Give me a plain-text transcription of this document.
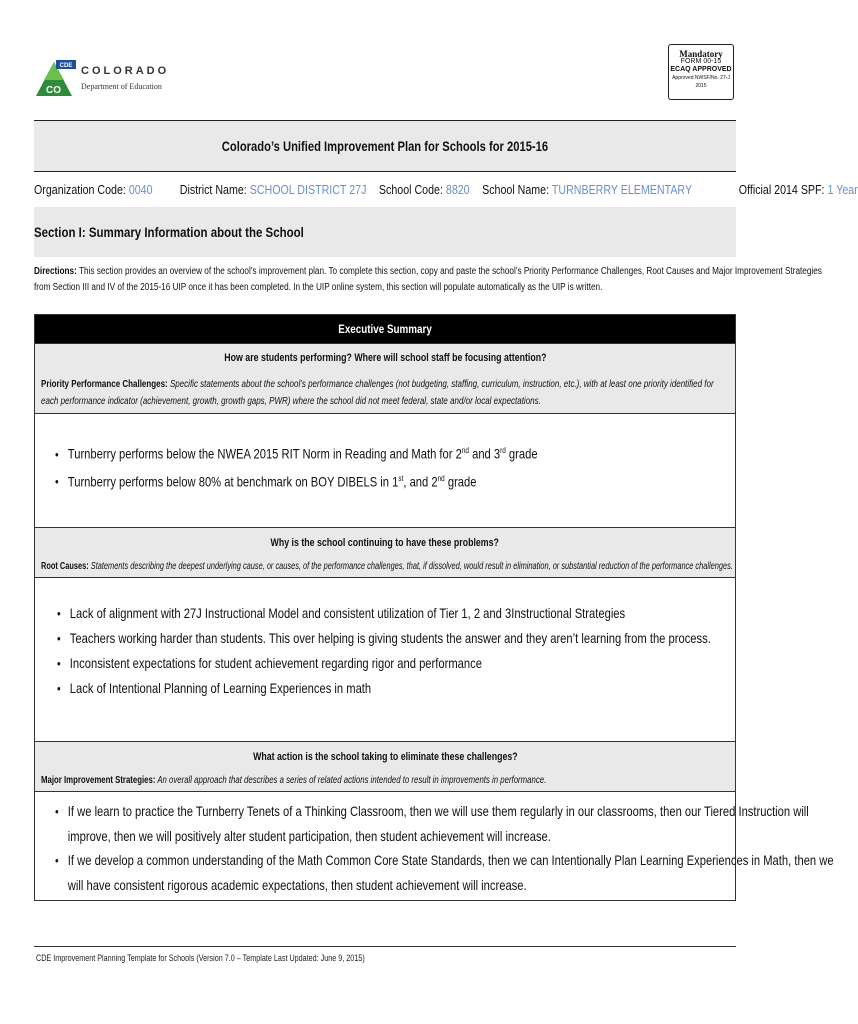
CDE
CO
COLORADO
Department of Education
Mandatory
FORM 00-15
ECAQ APPROVED
Approved NWSF/No. 27-J 2015
Colorado’s Unified Improvement Plan for Schools for 2015-16
Organization Code: 0040 District Name: SCHOOL DISTRICT 27J School Code: 8820 School Name: TURNBERRY ELEMENTARY	Official 2014 SPF: 1 Year
Section I: Summary Information about the School
Directions: This section provides an overview of the school’s improvement plan. To complete this section, copy and paste the school’s Priority Performance Challenges, Root Causes and Major Improvement Strategies
from Section III and IV of the 2015-16 UIP once it has been completed. In the UIP online system, this section will populate automatically as the UIP is written.
Executive Summary
How are students performing? Where will school staff be focusing attention?
Priority Performance Challenges: Specific statements about the school’s performance challenges (not budgeting, staffing, curriculum, instruction, etc.), with at least one priority identified for each performance indicator (achievement, growth, growth gaps, PWR) where the school did not meet federal, state and/or local expectations.
• Turnberry performs below the NWEA 2015 RIT Norm in Reading and Math for 2nd and 3rd grade
• Turnberry performs below 80% at benchmark on BOY DIBELS in 1st, and 2nd grade
Why is the school continuing to have these problems?
Root Causes: Statements describing the deepest underlying cause, or causes, of the performance challenges, that, if dissolved, would result in elimination, or substantial reduction of the performance challenges.
• Lack of alignment with 27J Instructional Model and consistent utilization of Tier 1, 2 and 3Instructional Strategies
• Teachers working harder than students. This over helping is giving students the answer and they aren’t learning from the process.
• Inconsistent expectations for student achievement regarding rigor and performance
• Lack of Intentional Planning of Learning Experiences in math
What action is the school taking to eliminate these challenges?
Major Improvement Strategies: An overall approach that describes a series of related actions intended to result in improvements in performance.
• If we learn to practice the Turnberry Tenets of a Thinking Classroom, then we will use them regularly in our classrooms, then our Tiered Instruction will
improve, then we will positively alter student participation, then student achievement will increase.
• If we develop a common understanding of the Math Common Core State Standards, then we can Intentionally Plan Learning Experiences in Math, then we
will have consistent rigorous academic expectations, then student achievement will increase.
CDE Improvement Planning Template for Schools (Version 7.0 – Template Last Updated: June 9, 2015)
